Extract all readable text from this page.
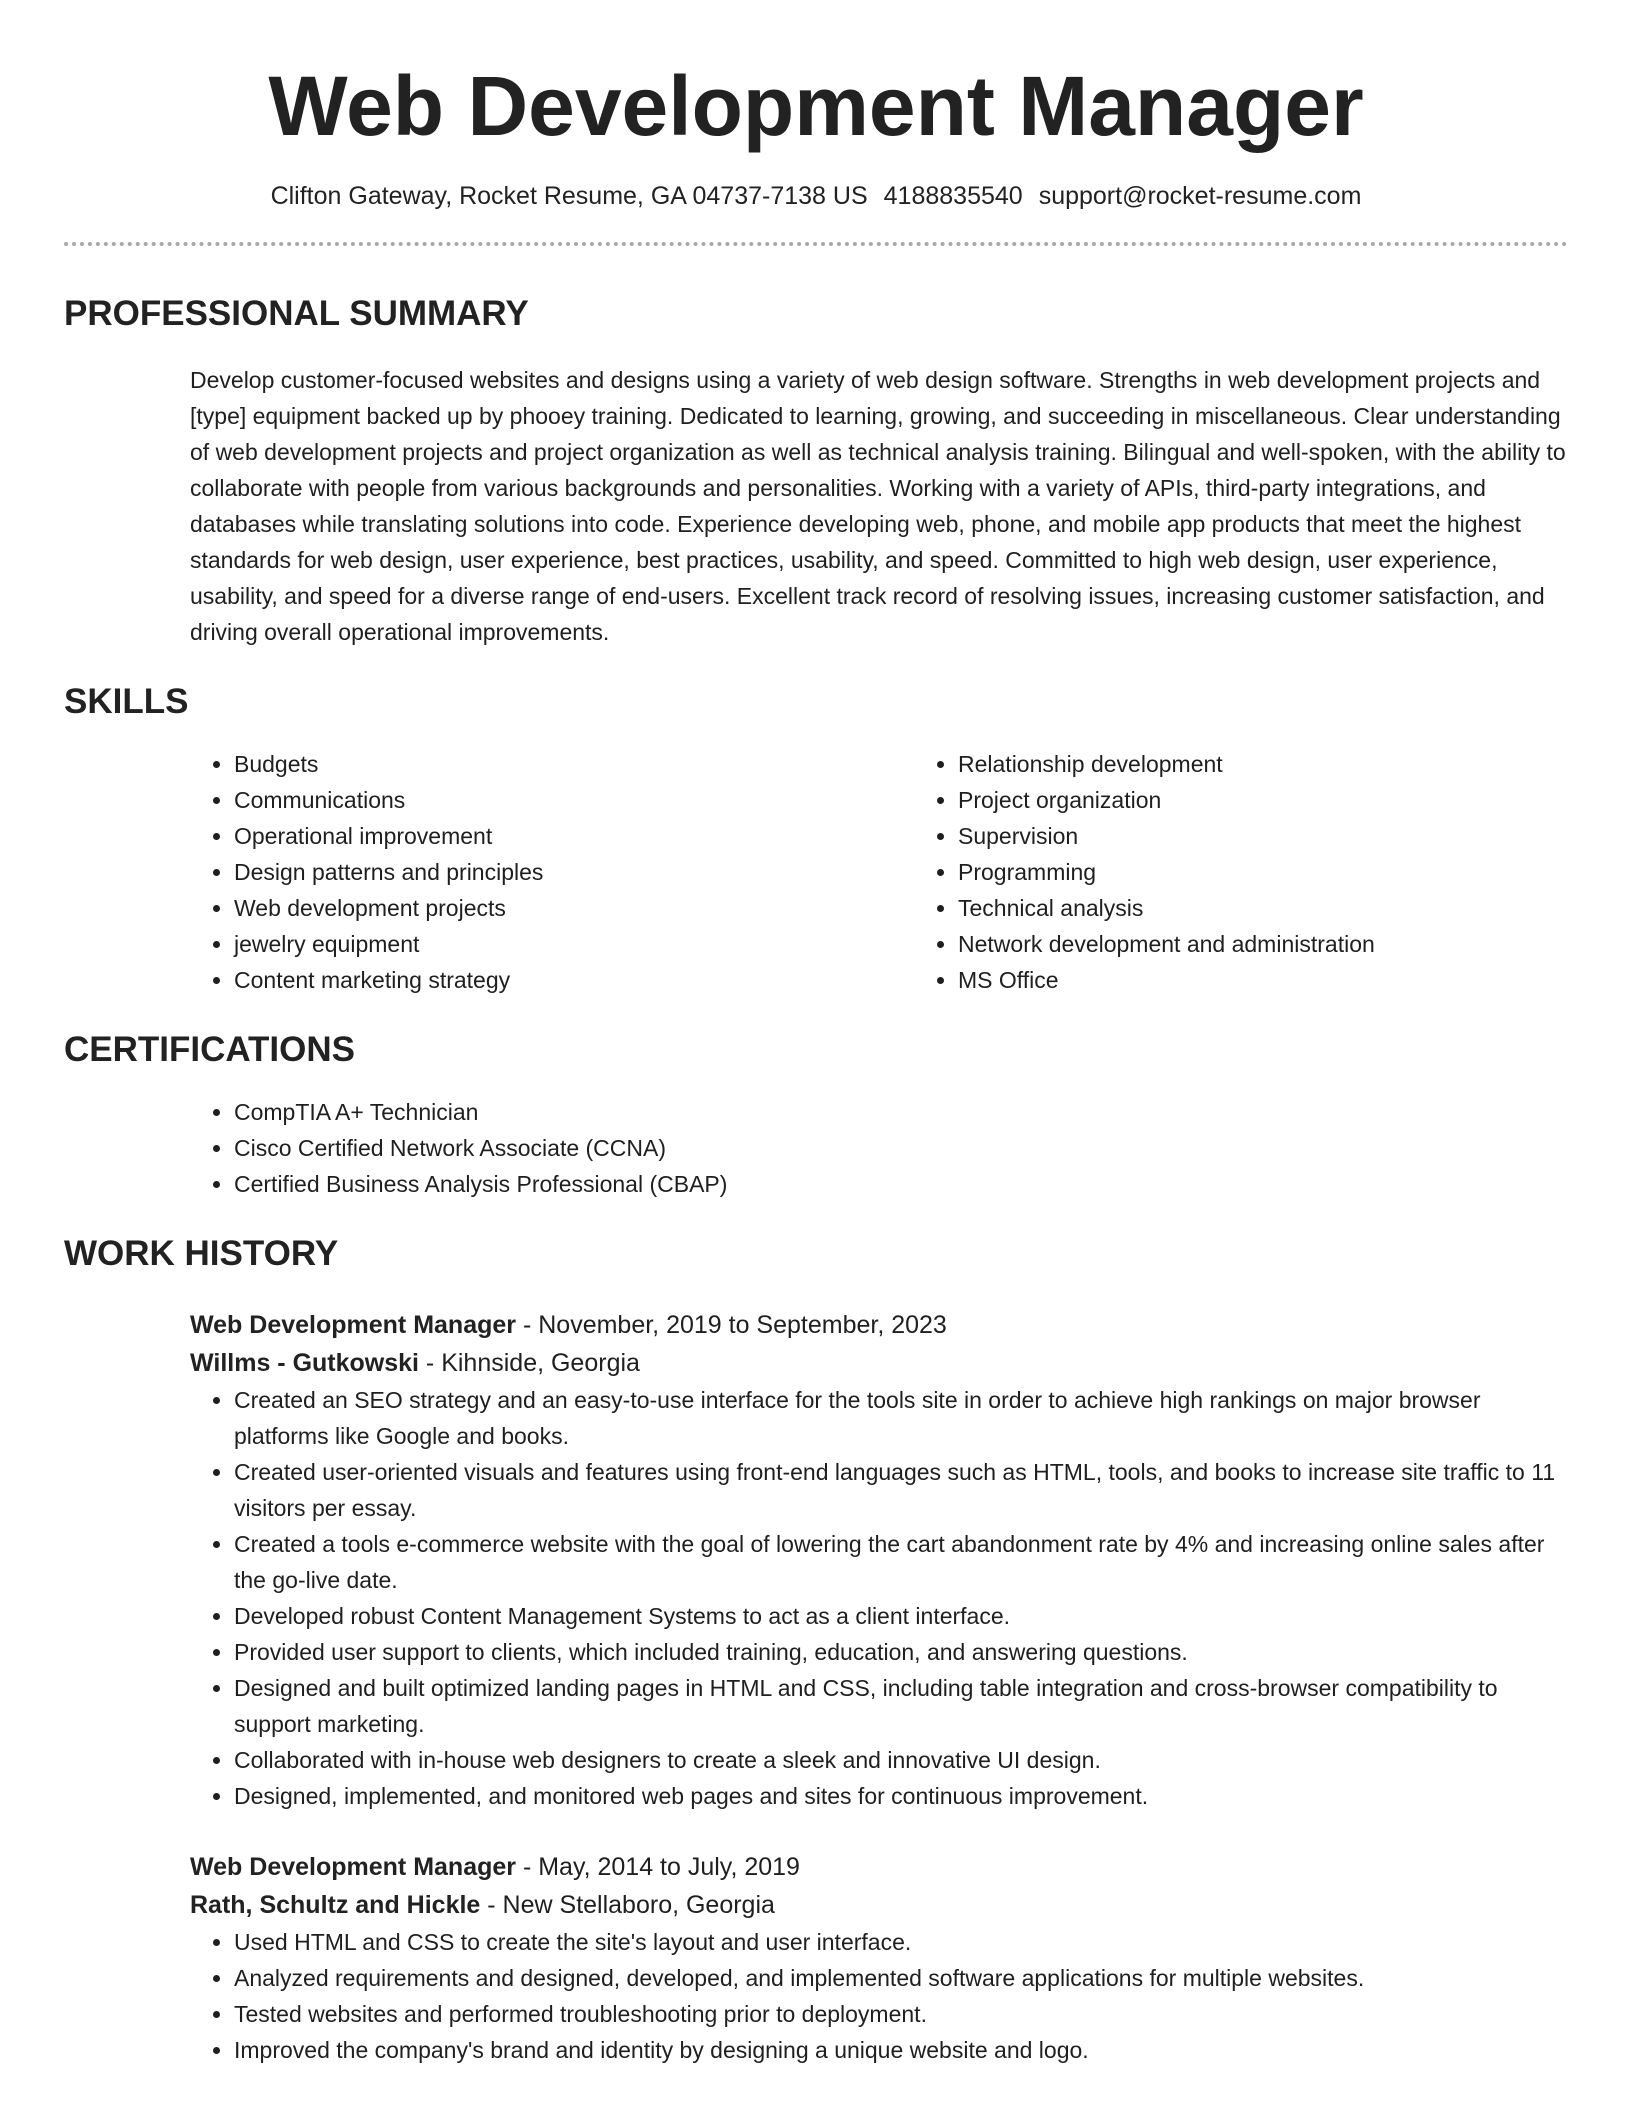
Web Development Manager
Clifton Gateway, Rocket Resume, GA 04737-7138 US 4188835540 support@rocket-resume.com
PROFESSIONAL SUMMARY

Develop customer-focused websites and designs using a variety of web design software. Strengths in web development projects and [type] equipment backed up by phooey training. Dedicated to learning, growing, and succeeding in miscellaneous. Clear understanding of web development projects and project organization as well as technical analysis training. Bilingual and well-spoken, with the ability to collaborate with people from various backgrounds and personalities. Working with a variety of APIs, third-party integrations, and databases while translating solutions into code. Experience developing web, phone, and mobile app products that meet the highest standards for web design, user experience, best practices, usability, and speed. Committed to high web design, user experience, usability, and speed for a diverse range of end-users. Excellent track record of resolving issues, increasing customer satisfaction, and driving overall operational improvements.

SKILLS
• Budgets
• Communications
• Operational improvement
• Design patterns and principles
• Web development projects
• jewelry equipment
• Content marketing strategy
• Relationship development
• Project organization
• Supervision
• Programming
• Technical analysis
• Network development and administration
• MS Office
CERTIFICATIONS
• CompTIA A+ Technician
• Cisco Certified Network Associate (CCNA)
• Certified Business Analysis Professional (CBAP)
WORK HISTORY
Web Development Manager - November, 2019 to September, 2023
Willms - Gutkowski - Kihnside, Georgia
• Created an SEO strategy and an easy-to-use interface for the tools site in order to achieve high rankings on major browser platforms like Google and books.
• Created user-oriented visuals and features using front-end languages such as HTML, tools, and books to increase site traffic to 11 visitors per essay.
• Created a tools e-commerce website with the goal of lowering the cart abandonment rate by 4% and increasing online sales after the go-live date.
• Developed robust Content Management Systems to act as a client interface.
• Provided user support to clients, which included training, education, and answering questions.
• Designed and built optimized landing pages in HTML and CSS, including table integration and cross-browser compatibility to support marketing.
• Collaborated with in-house web designers to create a sleek and innovative UI design.
• Designed, implemented, and monitored web pages and sites for continuous improvement.
Web Development Manager - May, 2014 to July, 2019
Rath, Schultz and Hickle - New Stellaboro, Georgia
• Used HTML and CSS to create the site's layout and user interface.
• Analyzed requirements and designed, developed, and implemented software applications for multiple websites.
• Tested websites and performed troubleshooting prior to deployment.
• Improved the company's brand and identity by designing a unique website and logo.
